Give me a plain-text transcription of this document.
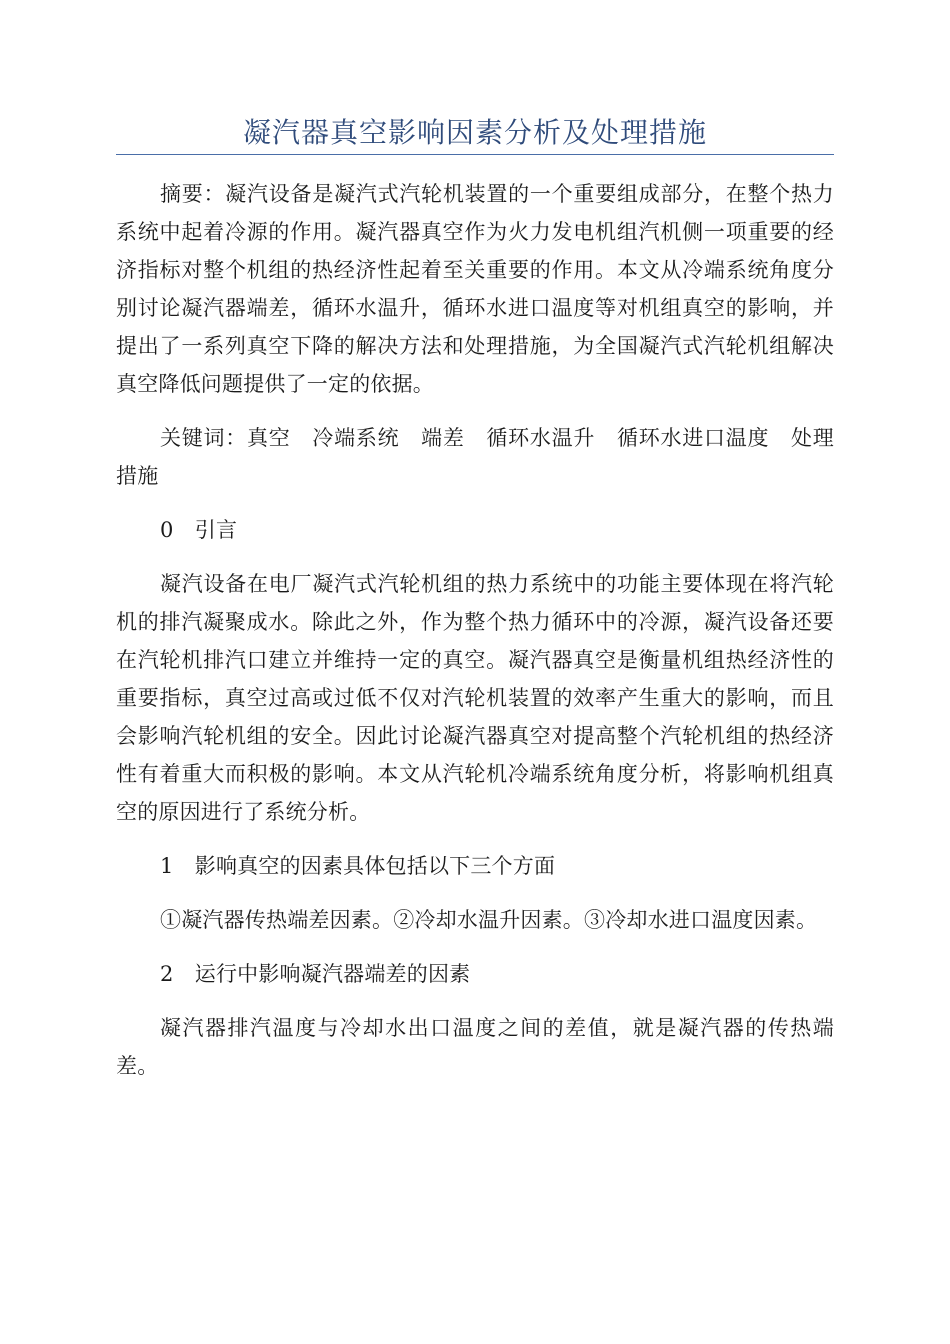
凝汽器真空影响因素分析及处理措施

摘要：凝汽设备是凝汽式汽轮机装置的一个重要组成部分，在整个热力系统中起着冷源的作用。凝汽器真空作为火力发电机组汽机侧一项重要的经济指标对整个机组的热经济性起着至关重要的作用。本文从冷端系统角度分别讨论凝汽器端差，循环水温升，循环水进口温度等对机组真空的影响，并提出了一系列真空下降的解决方法和处理措施，为全国凝汽式汽轮机组解决真空降低问题提供了一定的依据。

关键词：真空　冷端系统　端差　循环水温升　循环水进口温度　处理措施

0　引言

凝汽设备在电厂凝汽式汽轮机组的热力系统中的功能主要体现在将汽轮机的排汽凝聚成水。除此之外，作为整个热力循环中的冷源，凝汽设备还要在汽轮机排汽口建立并维持一定的真空。凝汽器真空是衡量机组热经济性的重要指标，真空过高或过低不仅对汽轮机装置的效率产生重大的影响，而且会影响汽轮机组的安全。因此讨论凝汽器真空对提高整个汽轮机组的热经济性有着重大而积极的影响。本文从汽轮机冷端系统角度分析，将影响机组真空的原因进行了系统分析。

1　影响真空的因素具体包括以下三个方面

①凝汽器传热端差因素。②冷却水温升因素。③冷却水进口温度因素。

2　运行中影响凝汽器端差的因素

凝汽器排汽温度与冷却水出口温度之间的差值，就是凝汽器的传热端差。
